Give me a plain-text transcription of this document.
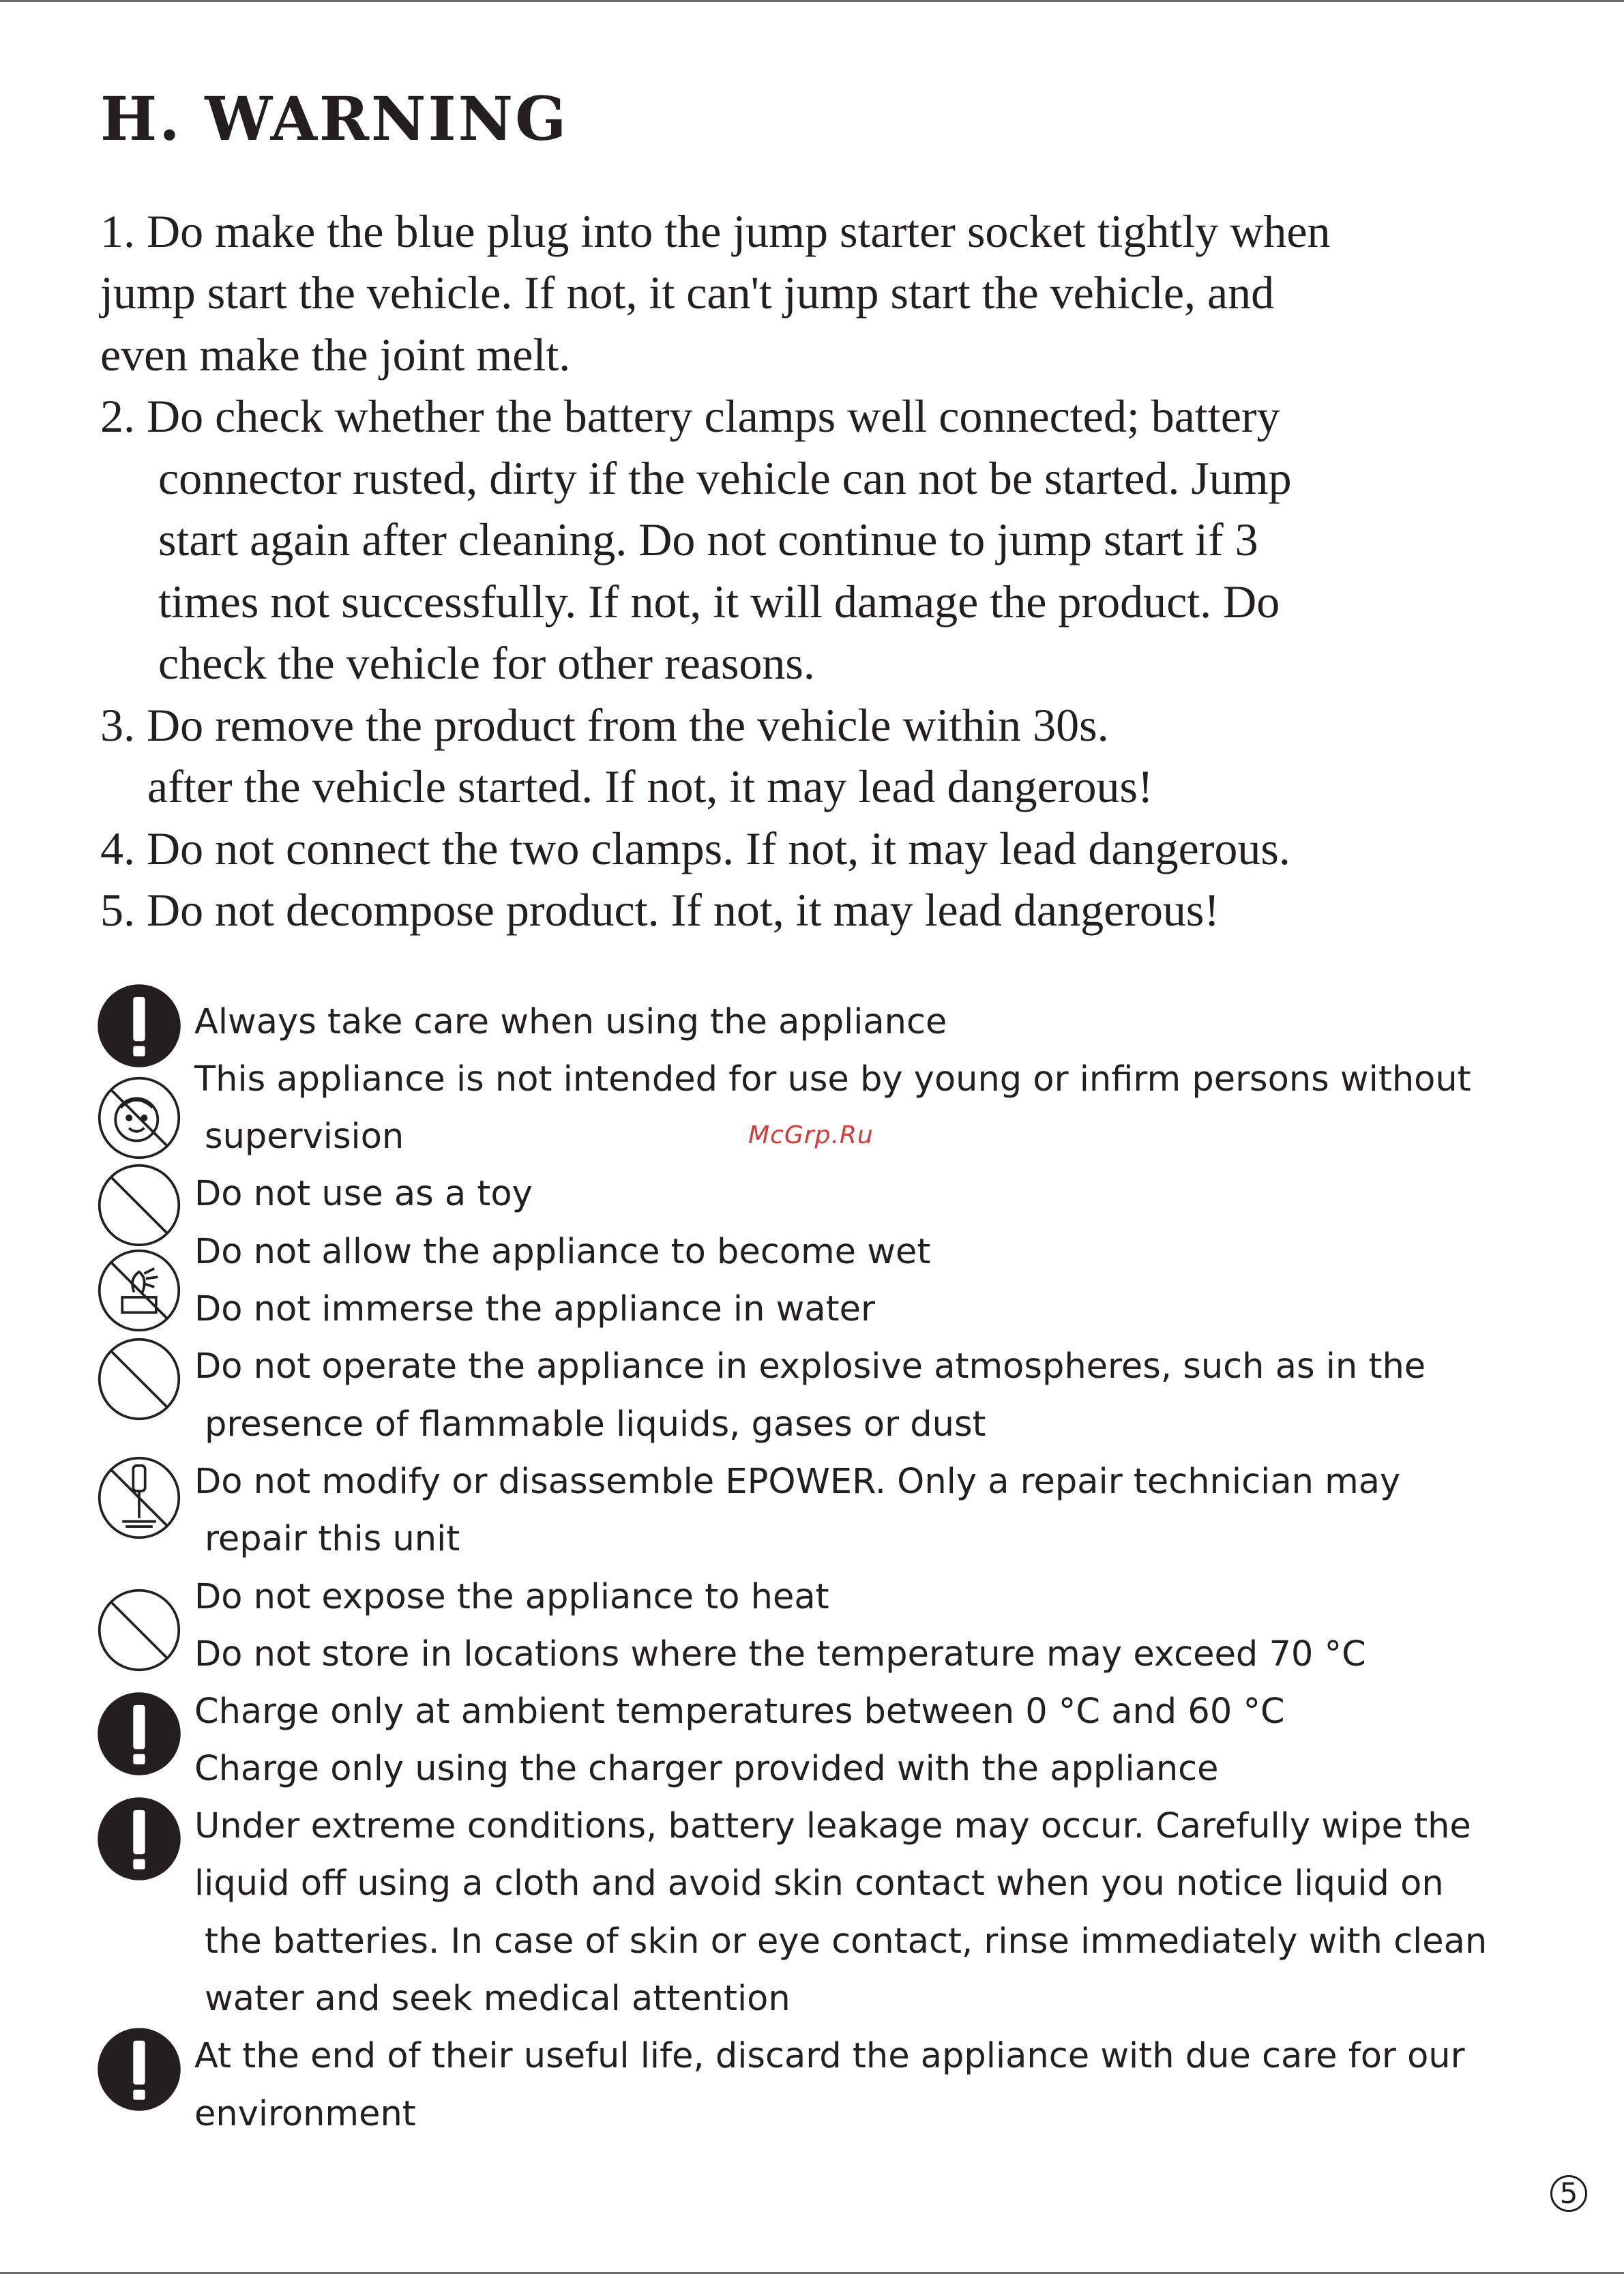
H. WARNING

1. Do make the blue plug into the jump starter socket tightly when

jump start the vehicle. If not, it can't jump start the vehicle, and

even make the joint melt.

2. Do check whether the battery clamps well connected; battery

connector rusted, dirty if the vehicle can not be started. Jump

start again after cleaning. Do not continue to jump start if 3

times not successfully. If not, it will damage the product. Do

check the vehicle for other reasons.

3. Do remove the product from the vehicle within 30s.

after the vehicle started. If not, it may lead dangerous!

4. Do not connect the two clamps. If not, it may lead dangerous.

5. Do not decompose product. If not, it may lead dangerous!

Always take care when using the appliance

This appliance is not intended for use by young or infirm persons without

supervision

Do not use as a toy

Do not allow the appliance to become wet

Do not immerse the appliance in water

Do not operate the appliance in explosive atmospheres, such as in the

presence of flammable liquids, gases or dust

Do not modify or disassemble EPOWER. Only a repair technician may

repair this unit

Do not expose the appliance to heat

Do not store in locations where the temperature may exceed 70 °C

Charge only at ambient temperatures between 0 °C and 60 °C

Charge only using the charger provided with the appliance

Under extreme conditions, battery leakage may occur. Carefully wipe the

liquid off using a cloth and avoid skin contact when you notice liquid on

the batteries. In case of skin or eye contact, rinse immediately with clean

water and seek medical attention

At the end of their useful life, discard the appliance with due care for our

environment

McGrp.Ru
5
